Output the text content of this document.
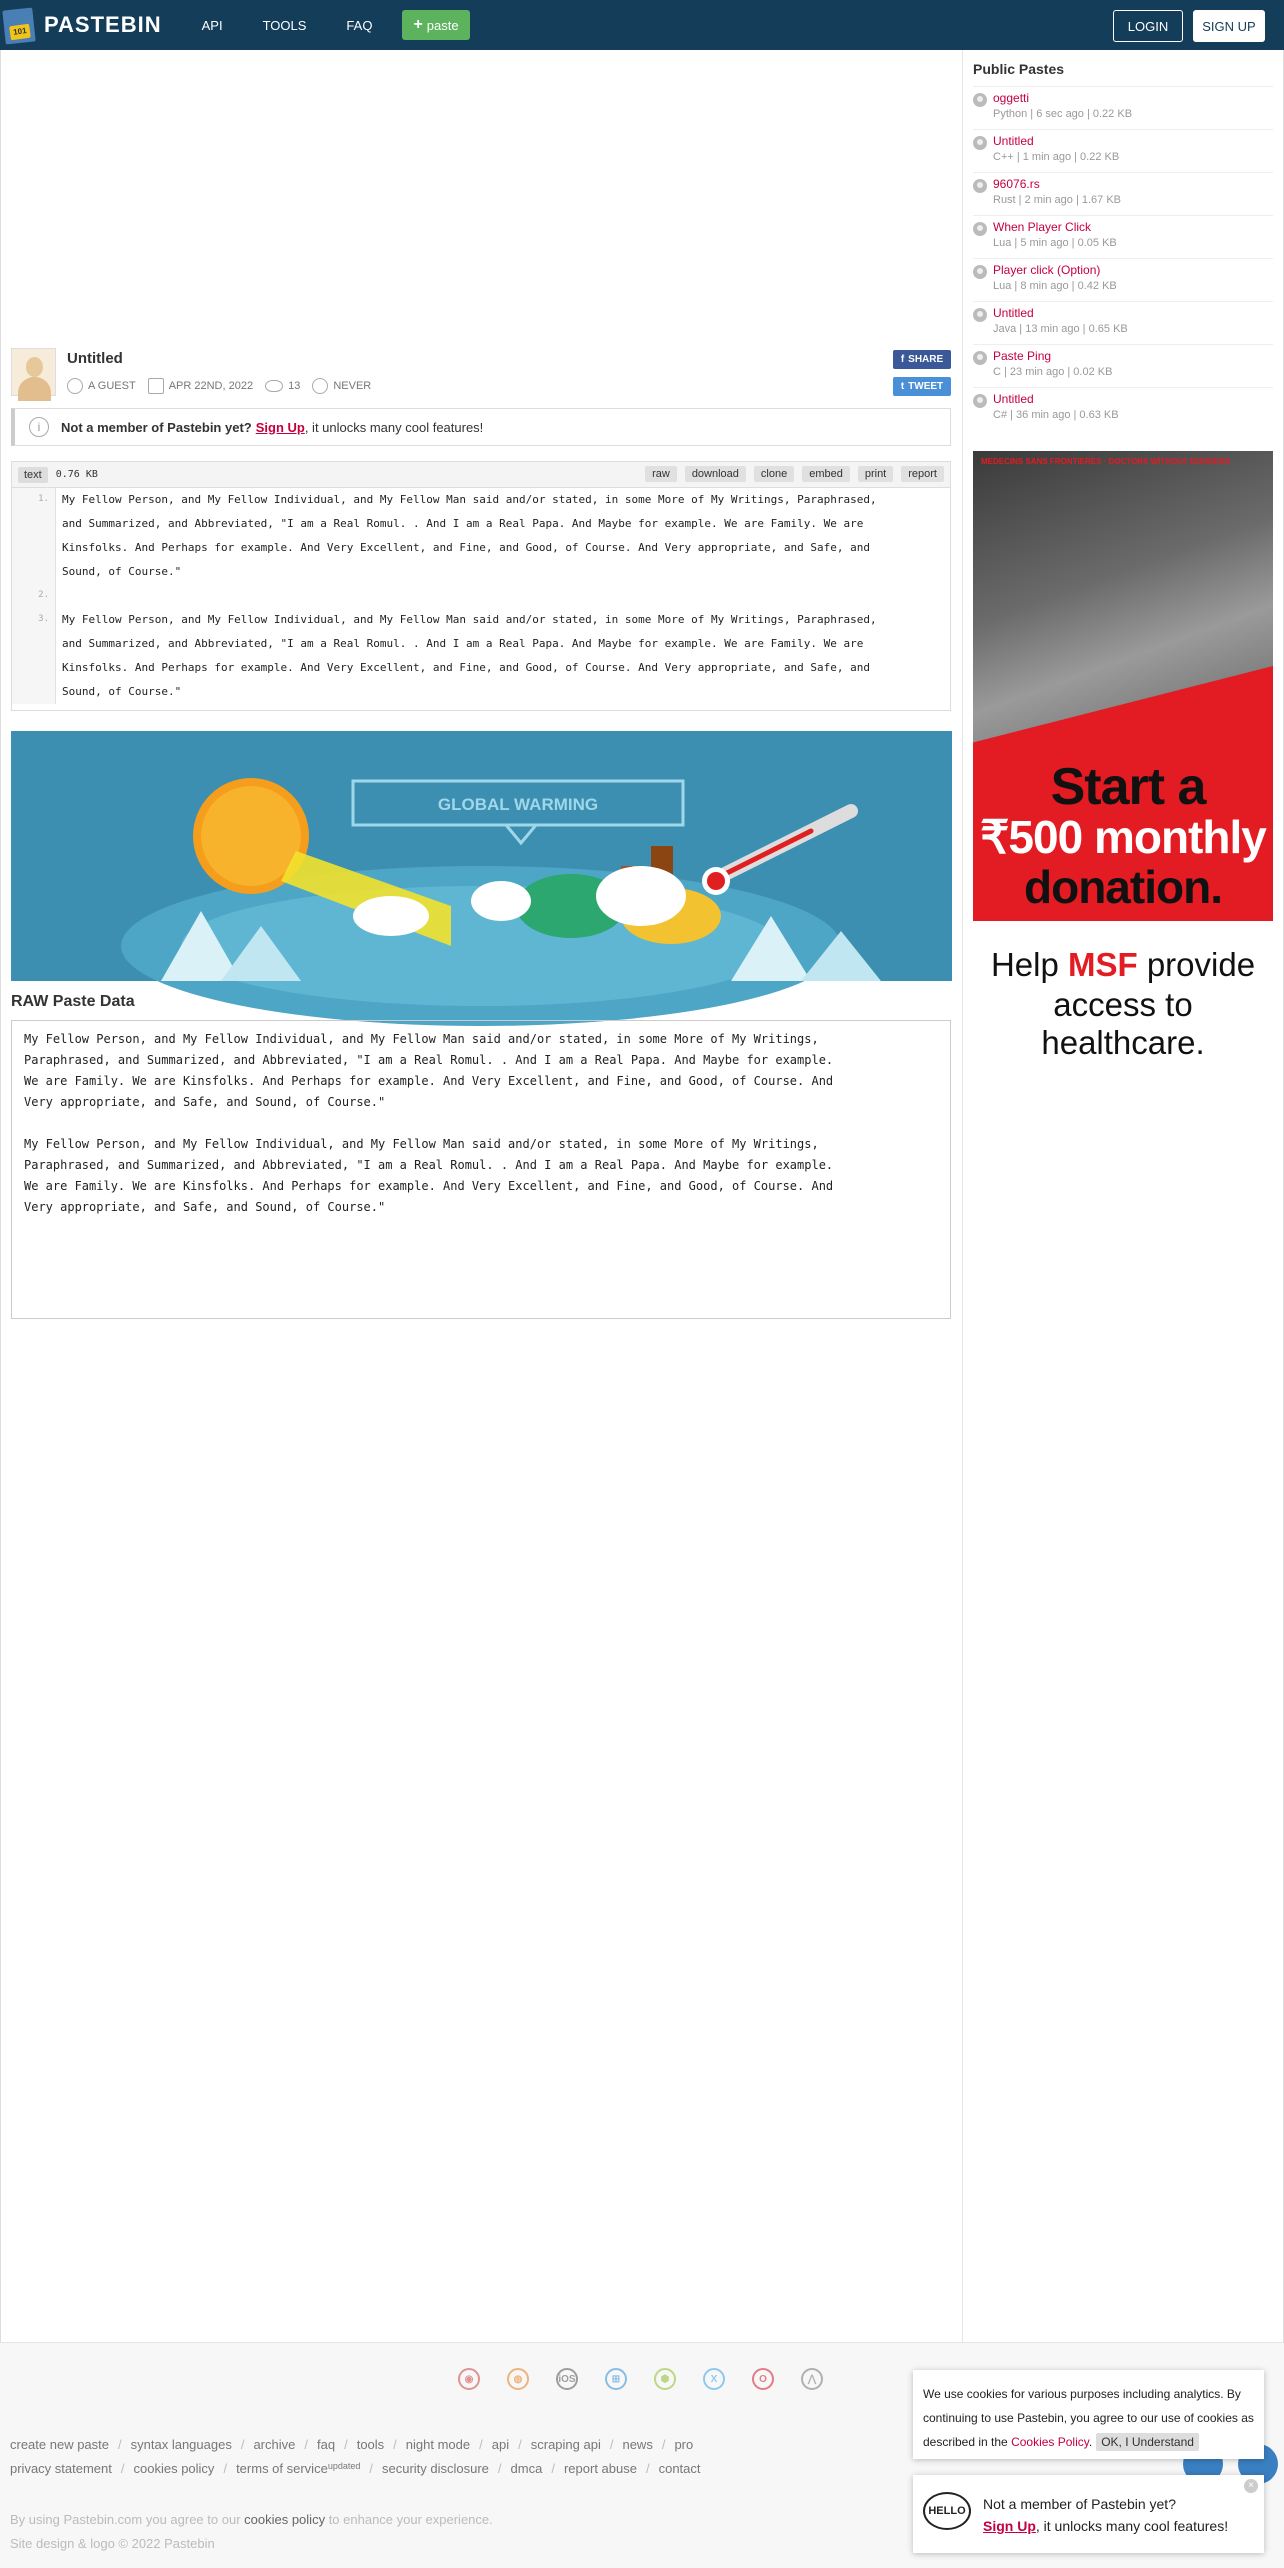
101 PASTEBIN	API	TOOLS	FAQ	+ paste	LOGIN	SIGN UP
Untitled
A GUEST	APR 22ND, 2022	13	NEVER
f SHARE
t TWEET
i	Not a member of Pastebin yet? Sign Up , it unlocks many cool features!
text	0.76 KB	raw	download	clone	embed	print	report
1.	My Fellow Person, and My Fellow Individual, and My Fellow Man said and/or stated, in some More of My Writings, Paraphrased,
and Summarized, and Abbreviated, "I am a Real Romul. . And I am a Real Papa. And Maybe for example. We are Family. We are
Kinsfolks. And Perhaps for example. And Very Excellent, and Fine, and Good, of Course. And Very appropriate, and Safe, and
Sound, of Course."
2.
3.	My Fellow Person, and My Fellow Individual, and My Fellow Man said and/or stated, in some More of My Writings, Paraphrased,
and Summarized, and Abbreviated, "I am a Real Romul. . And I am a Real Papa. And Maybe for example. We are Family. We are
Kinsfolks. And Perhaps for example. And Very Excellent, and Fine, and Good, of Course. And Very appropriate, and Safe, and
Sound, of Course."
GLOBAL WARMING
RAW Paste Data
My Fellow Person, and My Fellow Individual, and My Fellow Man said and/or stated, in some More of My Writings,
Paraphrased, and Summarized, and Abbreviated, "I am a Real Romul. . And I am a Real Papa. And Maybe for example.
We are Family. We are Kinsfolks. And Perhaps for example. And Very Excellent, and Fine, and Good, of Course. And
Very appropriate, and Safe, and Sound, of Course."

My Fellow Person, and My Fellow Individual, and My Fellow Man said and/or stated, in some More of My Writings,
Paraphrased, and Summarized, and Abbreviated, "I am a Real Romul. . And I am a Real Papa. And Maybe for example.
We are Family. We are Kinsfolks. And Perhaps for example. And Very Excellent, and Fine, and Good, of Course. And
Very appropriate, and Safe, and Sound, of Course."
Public Pastes
oggetti
Python | 6 sec ago | 0.22 KB
Untitled
C++ | 1 min ago | 0.22 KB
96076.rs
Rust | 2 min ago | 1.67 KB
When Player Click
Lua | 5 min ago | 0.05 KB
Player click (Option)
Lua | 8 min ago | 0.42 KB
Untitled
Java | 13 min ago | 0.65 KB
Paste Ping
C | 23 min ago | 0.02 KB
Untitled
C# | 36 min ago | 0.63 KB
MEDECINS SANS FRONTIERES · DOCTORS WITHOUT BORDERS
Start a
₹500 monthly
donation.
Help MSF provide
access to healthcare.
◉	◍	iOS	⊞	⬢	X	O	⋀
create new paste / syntax languages / archive / faq / tools / night mode / api / scraping api / news / pro
privacy statement / cookies policy / terms of service updated / security disclosure / dmca / report abuse / contact
By using Pastebin.com you agree to our cookies policy to enhance your experience.
Site design & logo © 2022 Pastebin
We use cookies for various purposes including analytics. By continuing to use Pastebin, you agree to our use of cookies as described in the Cookies Policy. OK, I Understand
HELLO	Not a member of Pastebin yet?
Sign Up, it unlocks many cool features!
×
